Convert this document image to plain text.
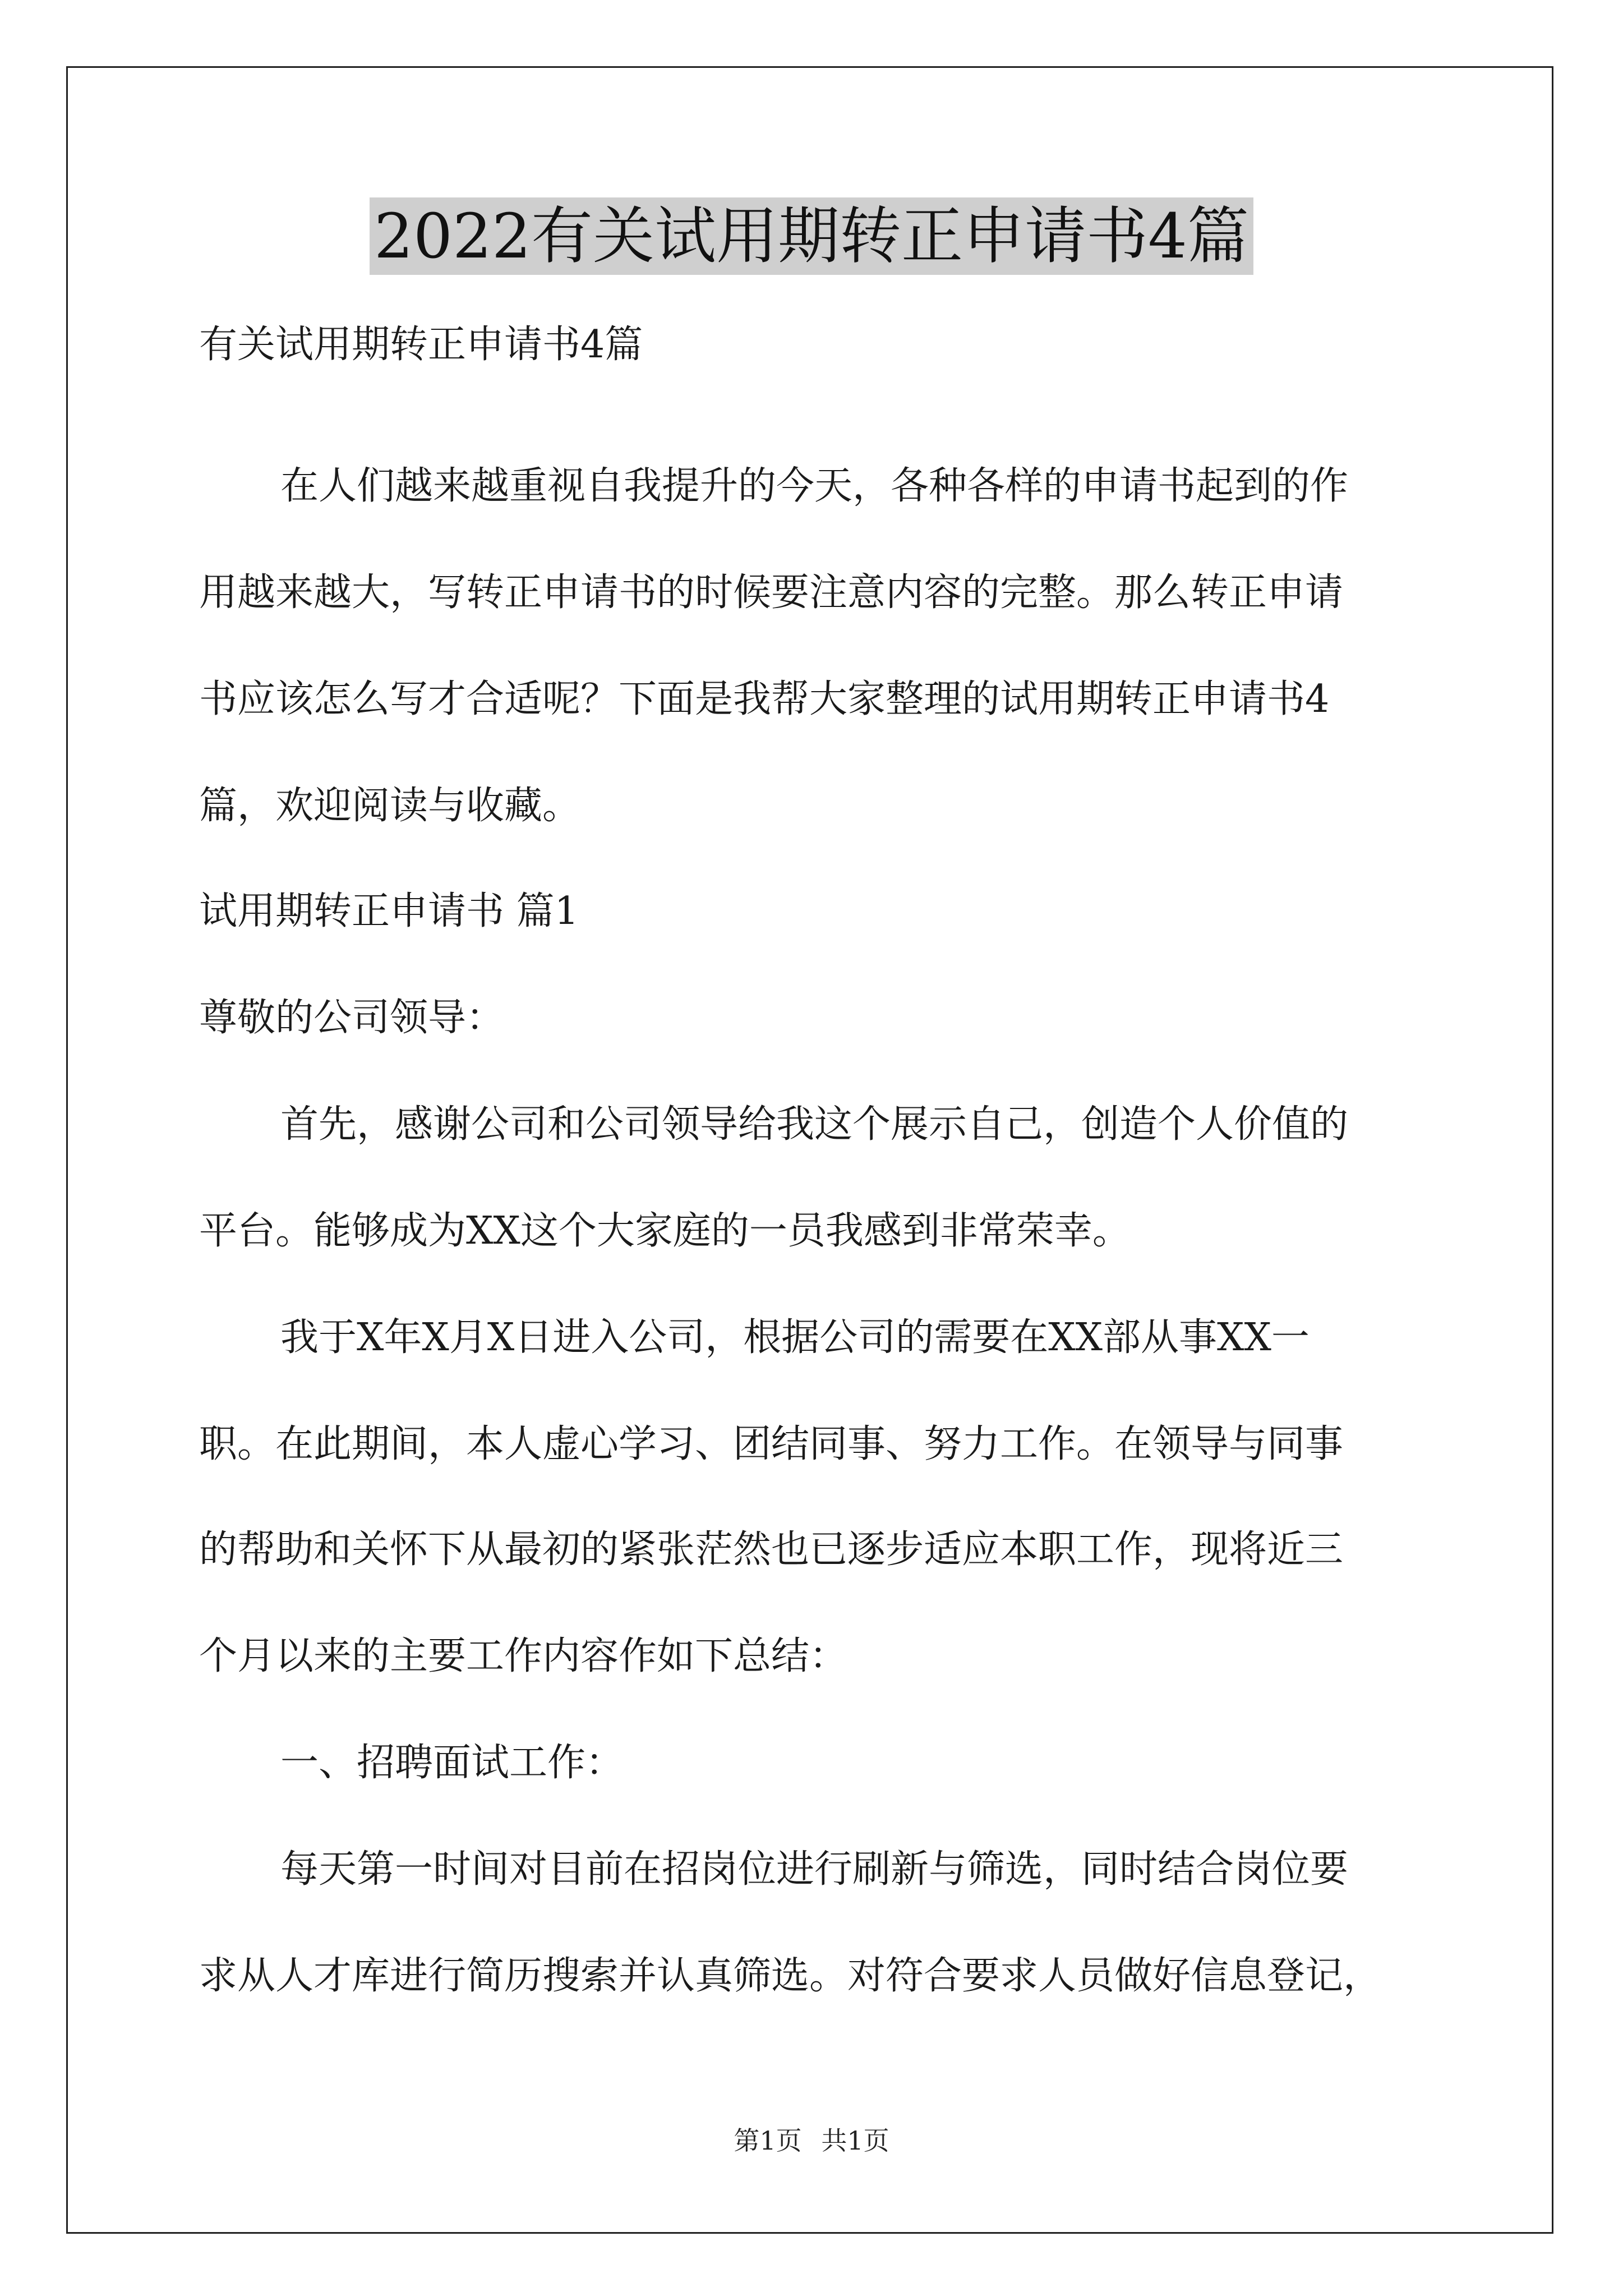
2022有关试用期转正申请书4篇
有关试用期转正申请书4篇
在人们越来越重视自我提升的今天，各种各样的申请书起到的作
用越来越大，写转正申请书的时候要注意内容的完整。那么转正申请
书应该怎么写才合适呢？下面是我帮大家整理的试用期转正申请书4
篇，欢迎阅读与收藏。
试用期转正申请书 篇1
尊敬的公司领导：
首先，感谢公司和公司领导给我这个展示自己，创造个人价值的
平台。能够成为XX这个大家庭的一员我感到非常荣幸。
我于X年X月X日进入公司，根据公司的需要在XX部从事XX一
职。在此期间，本人虚心学习、团结同事、努力工作。在领导与同事
的帮助和关怀下从最初的紧张茫然也已逐步适应本职工作，现将近三
个月以来的主要工作内容作如下总结：
一、招聘面试工作：
每天第一时间对目前在招岗位进行刷新与筛选，同时结合岗位要
求从人才库进行简历搜索并认真筛选。对符合要求人员做好信息登记，
第1页 共1页
